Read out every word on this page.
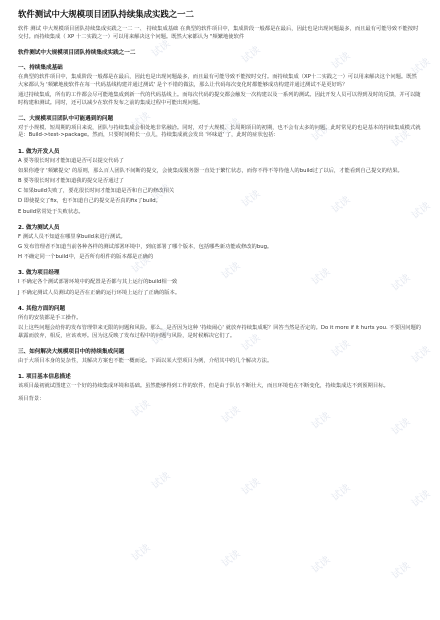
软件测试中大规模项目团队持续集成实践之一二
软件 测试 中大规模项目团队持续集成实践之一二 一、 持续集成基础 在典型的软件项目中，集成阶段一般都是在最后，因此也是出现问题最多，而且最有可能导致不能按时交付。而持续集成（ XP 十二实践之一）可以用来解决这个问题。既然大家都认为 "频繁地使软件
软件测试中大规模项目团队持续集成实践之一二
一、持续集成基础
在典型的软件项目中，集成阶段一般都是在最后，因此也是出现问题最多，而且最有可能导致不能按时交付。而持续集成（XP十二实践之一）可以用来解决这个问题。既然大家都认为 '频繁地使软件在每一代码基线构建并通过测试' 是个不错的做法，那么让代码每次变化时都能够成功构建并通过测试不是更好吗？
通过持续集成，所有的工作都会尽可能地集成到新一代的代码基线上。而每次代码的提交都会触发一次构建以及一系列的测试。因此开发人员可以得到及时的反馈，并可以随时构建和测试。同时，还可以减少在软件发布之前的集成过程中可能出现问题。
二、大规模项目团队中可能遇到的问题
对于小规模、短周期的项目来说，团队与持续集成会相处地非常融洽。同时，对于大规模、长周期项目的初期，也不会有太多的问题。此时常见的也是基本的持续集成模式就是：Build->test->package。然而，只要时间稍长一点儿，持续集成就会发出 '坏味道' 了，此时的症状包括：
1. 做为开发人员
A 要等很长时间才能知道是否可以提交代码了
如果你遵守 '频繁提交' 的原则，那么百人团队不间断的提交，会使集成服务器一直处于繁忙状态，而你不得不等待他人的build过了以后，才能看到自己提交的结果。
B 要等很长时间才能知道我的提交是否通过了
C 如果build失败了，要花很长时间才能知道是否和自己的修改相关
D 即使提交了fix，也不知道自己的提交是否真的fix了build。
E build常常处于失败状态。
2. 做为测试人员
F 测试人员不知道在哪里拿build来进行测试。
G 发布管理者不知道当前各种各样的测试部署环境中，到底部署了哪个版本，包括哪些新功能或修改的bug。
H 不确定同一个build中，是否所有组件的版本都是正确的
3. 做为项目经理
I 不确定各个测试部署环境中的配置是否都与其上运行的build相一致
J 不确定测试人员测试的是否在正确的运行环境上运行了正确的版本。
4. 其他方面的问题
所有的安装都是手工操作。
以上这些问题会给你的发布管理带来无限的问题和风险。那么，是否因为这种 '持续闹心' 就放弃持续集成呢？回答当然是否定的。Do it more if it hurts you. 不要因问题的暴露而放弃，相反，应该欢呼。因为这反映了发布过程中的问题与风险，是时候解决它们了。
三、如何解决大规模项目中的持续集成问题
由于大项目本身的复杂性，其解决方案也不能一概而论。下面以某大型项目为例，介绍其中的几个解决方法。
1. 项目基本信息描述
该项目最初就试图建立一个好的持续集成环境和基础。虽然能够得到工作的软件，但是由于队伍不断壮大，而且环境也在不断变化，持续集成达不到预期目标。
项目背景：
试读	试读	试读	试读
试读	试读	试读	试读
试读	试读	试读	试读
试读	试读	试读	试读
试读	试读	试读	试读
试读	试读	试读	试读
试读	试读	试读	试读
试读	试读	试读	试读
